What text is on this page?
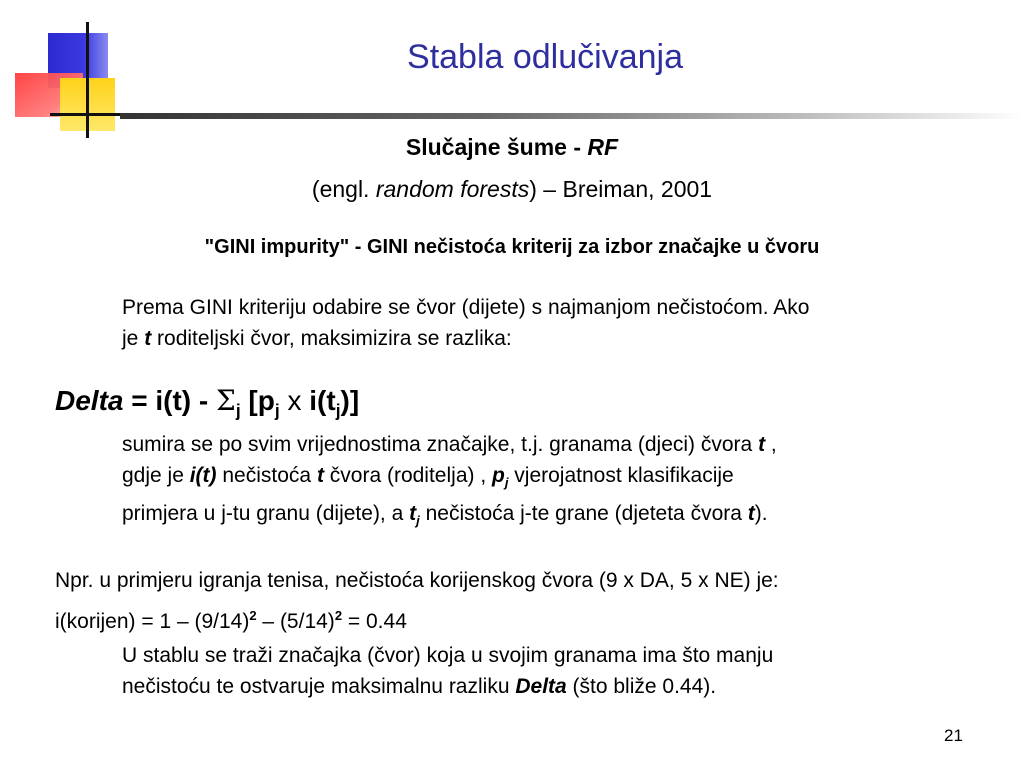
Stabla odlučivanja
Slučajne šume - RF
(engl. random forests) – Breiman, 2001
"GINI impurity" - GINI nečistoća kriterij za izbor značajke u čvoru
Prema GINI kriteriju odabire se čvor (dijete) s najmanjom nečistoćom. Ako
je t roditeljski čvor, maksimizira se razlika:
Delta = $i(t) - \Sigma_j$ [$p_j$ x $i(t_j)$]
sumira se po svim vrijednostima značajke, t.j. granama (djeci) čvora t ,
gdje je i(t) nečistoća t čvora (roditelja) , $p_j$ vjerojatnost klasifikacije
primjera u j-tu granu (dijete), a $t_j$ nečistoća j-te grane (djeteta čvora t).
Npr. u primjeru igranja tenisa, nečistoća korijenskog čvora (9 x DA, 5 x NE) je:
i(korijen) = $1 - (9/14)^2 - (5/14)^2 = 0.44$
U stablu se traži značajka (čvor) koja u svojim granama ima što manju
nečistoću te ostvaruje maksimalnu razliku Delta (što bliže 0.44).
21
